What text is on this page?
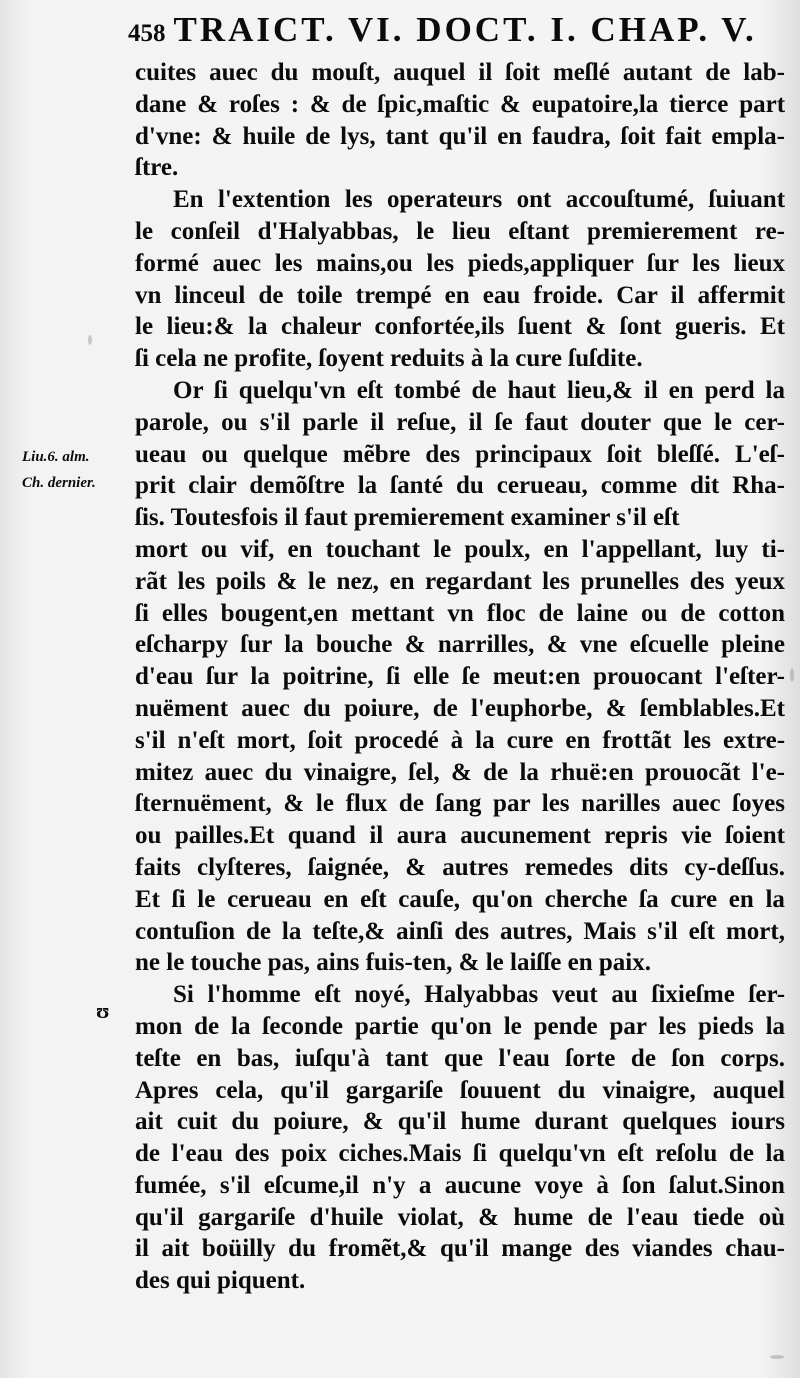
458 TRAICT. VI. DOCT. I. CHAP. V.
Liu.6. alm.
Ch. dernier.
ʊ
cuites auec du mouſt, auquel il ſoit meſlé autant de lab-
dane & roſes : & de ſpic,maſtic & eupatoire,la tierce part
d'vne: & huile de lys, tant qu'il en faudra, ſoit fait empla-
ſtre.
En l'extention les operateurs ont accouſtumé, ſuiuant
le conſeil d'Halyabbas, le lieu eſtant premierement re-
formé auec les mains,ou les pieds,appliquer ſur les lieux
vn linceul de toile trempé en eau froide. Car il affermit
le lieu:& la chaleur confortée,ils ſuent & ſont gueris. Et
ſi cela ne profite, ſoyent reduits à la cure ſuſdite.
Or ſi quelqu'vn eſt tombé de haut lieu,& il en perd la
parole, ou s'il parle il reſue, il ſe faut douter que le cer-
ueau ou quelque mẽbre des principaux ſoit bleſſé. L'eſ-
prit clair demõſtre la ſanté du cerueau, comme dit Rha-
ſis. Toutesfois il faut premierement examiner s'il eſt
mort ou vif, en touchant le poulx, en l'appellant, luy ti-
rãt les poils & le nez, en regardant les prunelles des yeux
ſi elles bougent,en mettant vn floc de laine ou de cotton
eſcharpy ſur la bouche & narrilles, & vne eſcuelle pleine
d'eau ſur la poitrine, ſi elle ſe meut:en prouocant l'eſter-
nuëment auec du poiure, de l'euphorbe, & ſemblables.Et
s'il n'eſt mort, ſoit procedé à la cure en frottãt les extre-
mitez auec du vinaigre, ſel, & de la rhuë:en prouocãt l'e-
ſternuëment, & le flux de ſang par les narilles auec ſoyes
ou pailles.Et quand il aura aucunement repris vie ſoient
faits clyſteres, ſaignée, & autres remedes dits cy-deſſus.
Et ſi le cerueau en eſt cauſe, qu'on cherche ſa cure en la
contuſion de la teſte,& ainſi des autres, Mais s'il eſt mort,
ne le touche pas, ains fuis-ten, & le laiſſe en paix.
Si l'homme eſt noyé, Halyabbas veut au ſixieſme ſer-
mon de la ſeconde partie qu'on le pende par les pieds la
teſte en bas, iuſqu'à tant que l'eau ſorte de ſon corps.
Apres cela, qu'il gargariſe ſouuent du vinaigre, auquel
ait cuit du poiure, & qu'il hume durant quelques iours
de l'eau des poix ciches.Mais ſi quelqu'vn eſt reſolu de la
fumée, s'il eſcume,il n'y a aucune voye à ſon ſalut.Sinon
qu'il gargariſe d'huile violat, & hume de l'eau tiede où
il ait boüilly du fromẽt,& qu'il mange des viandes chau-
des qui piquent.
